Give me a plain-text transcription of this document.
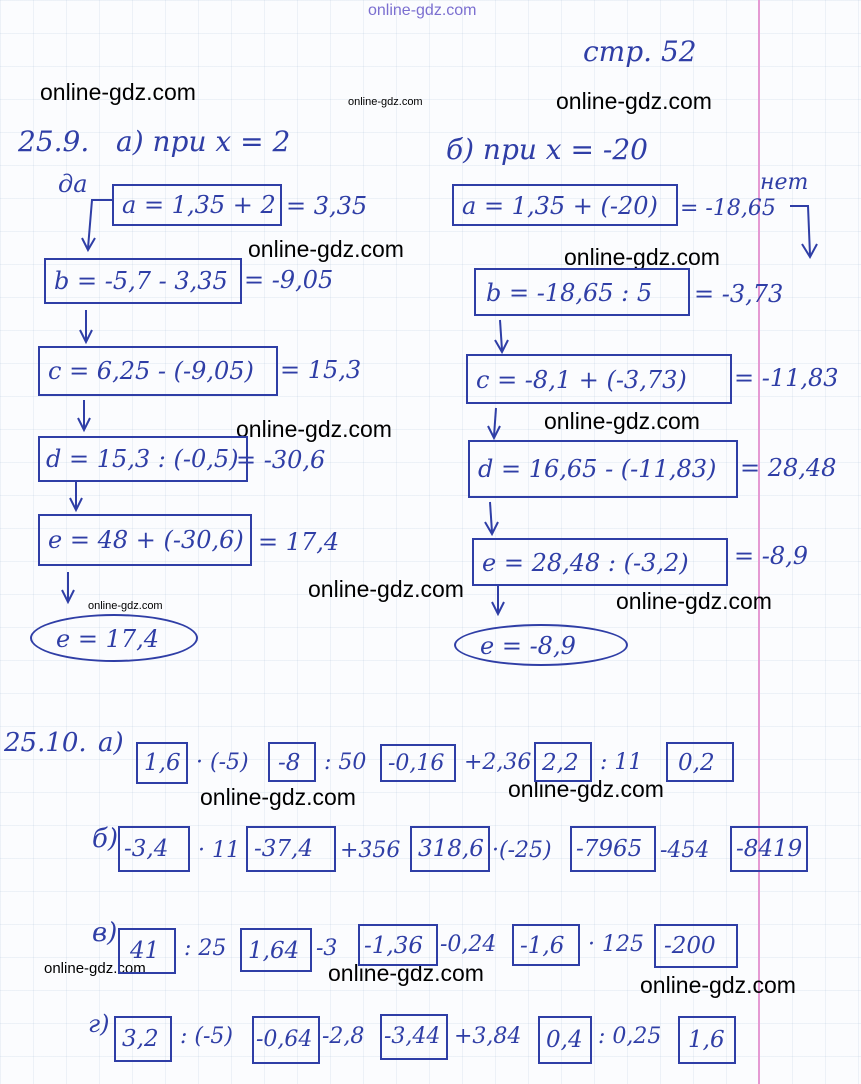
online-gdz.com
стр. 52
online-gdz.com	online-gdz.com	online-gdz.com
online-gdz.com	online-gdz.com
online-gdz.com	online-gdz.com
online-gdz.com
online-gdz.com	online-gdz.com
online-gdz.com	online-gdz.com
online-gdz.com	online-gdz.com	online-gdz.com
25.9. а) при x = 2	б) при x = -20
да	нет
a = 1,35 + 2 = 3,35
b = -5,7 - 3,35 = -9,05
c = 6,25 - (-9,05) = 15,3
d = 15,3 : (-0,5)
= -30,6
e = 48 + (-30,6) = 17,4
e = 17,4
a = 1,35 + (-20) = -18,65
b = -18,65 : 5 = -3,73
c = -8,1 + (-3,73) = -11,83
d = 16,65 - (-11,83) = 28,48
e = 28,48 : (-3,2) = -8,9
e = -8,9
25.10. а)
б)
в)
г)
1,6 · (-5) -8 : 50 -0,16 +2,36 2,2 : 11 0,2
-3,4 · 11 -37,4 +356 318,6 ·(-25) -7965 -454 -8419
41 : 25 1,64 -3 -1,36 -0,24 -1,6 · 125 -200
3,2 : (-5) -0,64 -2,8 -3,44 +3,84 0,4 : 0,25 1,6
